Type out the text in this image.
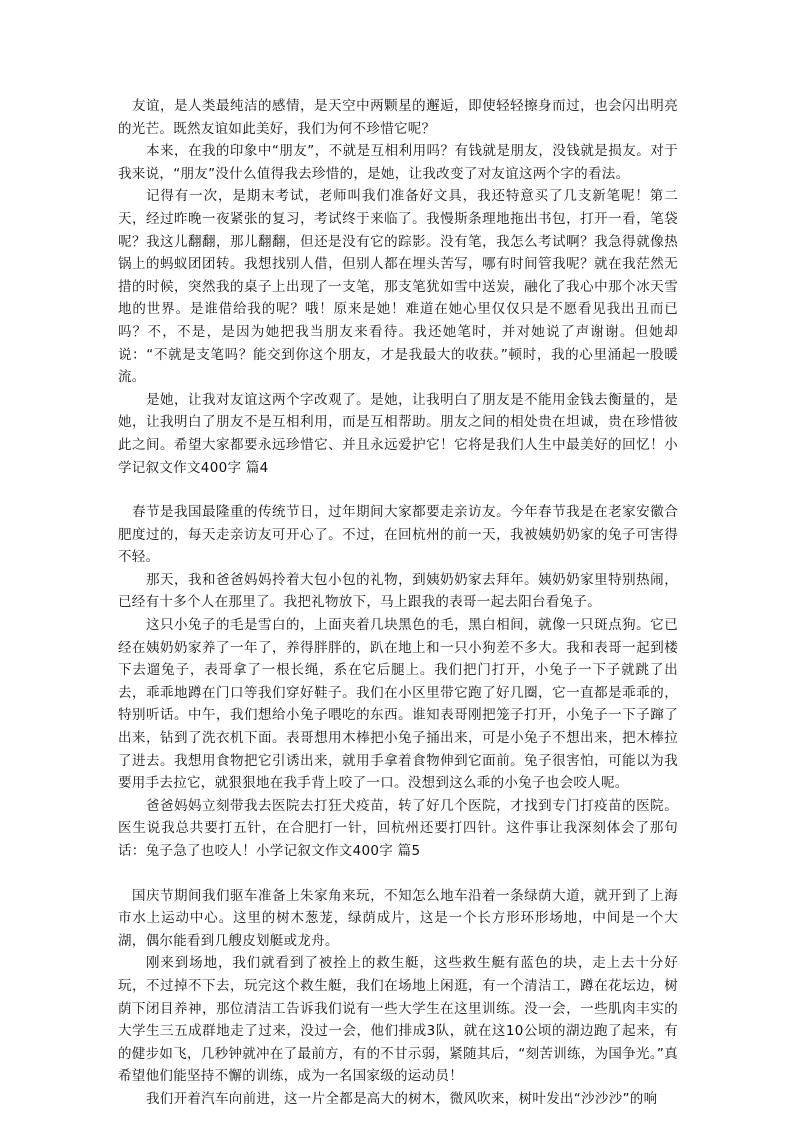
友谊，是人类最纯洁的感情，是天空中两颗星的邂逅，即使轻轻擦身而过，也会闪出明亮的光芒。既然友谊如此美好，我们为何不珍惜它呢？

本来，在我的印象中“朋友”，不就是互相利用吗？有钱就是朋友，没钱就是损友。对于我来说，“朋友”没什么值得我去珍惜的，是她，让我改变了对友谊这两个字的看法。

记得有一次，是期末考试，老师叫我们准备好文具，我还特意买了几支新笔呢！第二天，经过昨晚一夜紧张的复习，考试终于来临了。我慢斯条理地拖出书包，打开一看，笔袋呢？我这儿翻翻，那儿翻翻，但还是没有它的踪影。没有笔，我怎么考试啊？我急得就像热锅上的蚂蚁团团转。我想找别人借，但别人都在埋头苦写，哪有时间管我呢？就在我茫然无措的时候，突然我的桌子上出现了一支笔，那支笔犹如雪中送炭，融化了我心中那个冰天雪地的世界。是谁借给我的呢？哦！原来是她！难道在她心里仅仅只是不愿看见我出丑而已吗？不，不是，是因为她把我当朋友来看待。我还她笔时，并对她说了声谢谢。但她却说：“不就是支笔吗？能交到你这个朋友，才是我最大的收获。”顿时，我的心里涌起一股暖流。

是她，让我对友谊这两个字改观了。是她，让我明白了朋友是不能用金钱去衡量的，是她，让我明白了朋友不是互相利用，而是互相帮助。朋友之间的相处贵在坦诚，贵在珍惜彼此之间。希望大家都要永远珍惜它、并且永远爱护它！它将是我们人生中最美好的回忆！小学记叙文作文400字 篇4

春节是我国最隆重的传统节日，过年期间大家都要走亲访友。今年春节我是在老家安徽合肥度过的，每天走亲访友可开心了。不过，在回杭州的前一天，我被姨奶奶家的兔子可害得不轻。

那天，我和爸爸妈妈拎着大包小包的礼物，到姨奶奶家去拜年。姨奶奶家里特别热闹，已经有十多个人在那里了。我把礼物放下，马上跟我的表哥一起去阳台看兔子。

这只小兔子的毛是雪白的，上面夹着几块黑色的毛，黑白相间，就像一只斑点狗。它已经在姨奶奶家养了一年了，养得胖胖的，趴在地上和一只小狗差不多大。我和表哥一起到楼下去遛兔子，表哥拿了一根长绳，系在它后腿上。我们把门打开，小兔子一下子就跳了出去，乖乖地蹲在门口等我们穿好鞋子。我们在小区里带它跑了好几圈，它一直都是乖乖的，特别听话。中午，我们想给小兔子喂吃的东西。谁知表哥刚把笼子打开，小兔子一下子蹿了出来，钻到了洗衣机下面。表哥想用木棒把小兔子捅出来，可是小兔子不想出来，把木棒拉了进去。我想用食物把它引诱出来，就用手拿着食物伸到它面前。兔子很害怕，可能以为我要用手去拉它，就狠狠地在我手背上咬了一口。没想到这么乖的小兔子也会咬人呢。

爸爸妈妈立刻带我去医院去打狂犬疫苗，转了好几个医院，才找到专门打疫苗的医院。医生说我总共要打五针，在合肥打一针，回杭州还要打四针。这件事让我深刻体会了那句话：兔子急了也咬人！小学记叙文作文400字 篇5

国庆节期间我们驱车准备上朱家角来玩，不知怎么地车沿着一条绿荫大道，就开到了上海市水上运动中心。这里的树木葱茏，绿荫成片，这是一个长方形环形场地，中间是一个大湖，偶尔能看到几艘皮划艇或龙舟。

刚来到场地，我们就看到了被拴上的救生艇，这些救生艇有蓝色的块，走上去十分好玩，不过掉不下去，玩完这个救生艇，我们在场地上闲逛，有一个清洁工，蹲在花坛边，树荫下闭目养神，那位清洁工告诉我们说有一些大学生在这里训练。没一会，一些肌肉丰实的大学生三五成群地走了过来，没过一会，他们排成3队，就在这10公顷的湖边跑了起来，有的健步如飞，几秒钟就冲在了最前方，有的不甘示弱，紧随其后，“刻苦训练，为国争光。”真希望他们能坚持不懈的训练，成为一名国家级的运动员！

我们开着汽车向前进，这一片全都是高大的树木，微风吹来，树叶发出“沙沙沙”的响
